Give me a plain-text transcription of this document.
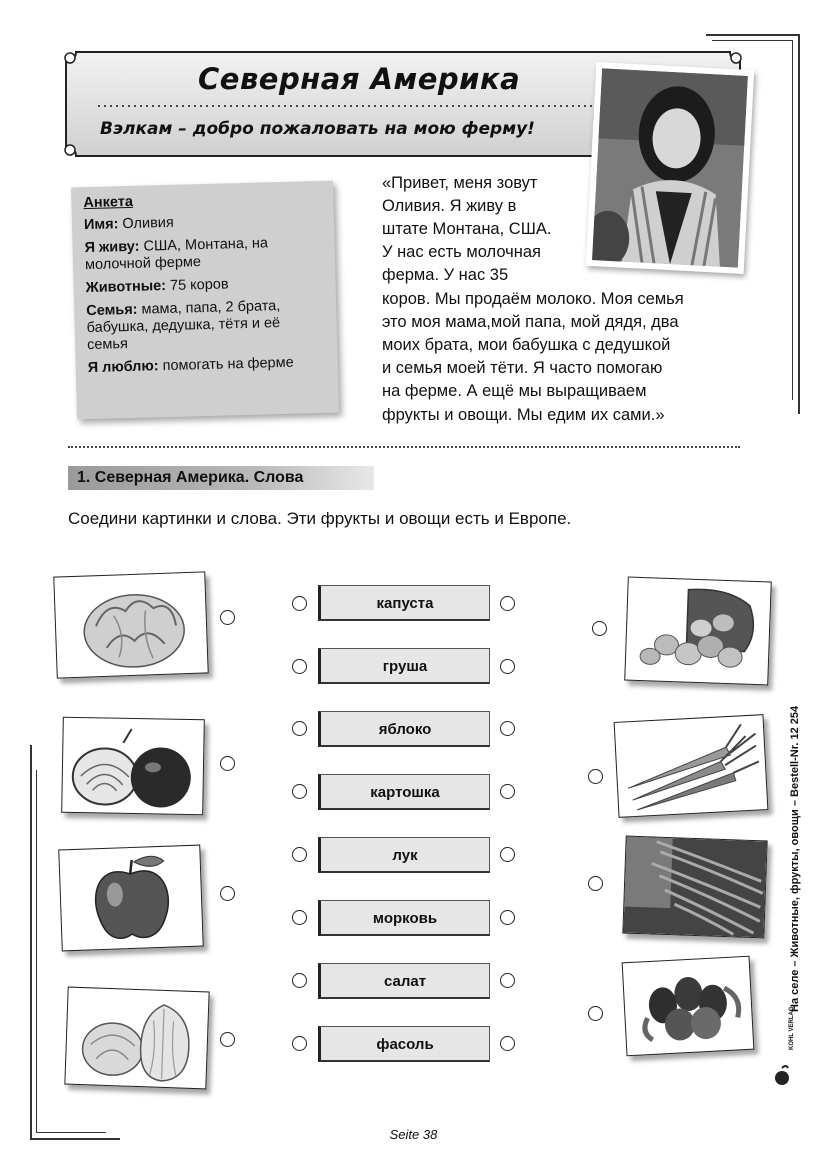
Северная Америка
Вэлкам – добро пожаловать на мою ферму!
Анкета
Имя: Оливия
Я живу: США, Монтана, на молочной ферме
Животные: 75 коров
Семья: мама, папа, 2 брата, бабушка, дедушка, тётя и её семья
Я люблю: помогать на ферме
«Привет, меня зовут
Оливия. Я живу в
штате Монтана, США.
У нас есть молочная
ферма. У нас 35
коров. Мы продаём молоко. Моя семья
это моя мама,мой папа, мой дядя, два
моих брата, мои бабушка с дедушкой
и семья моей тёти. Я часто помогаю
на ферме. А ещё мы выращиваем
фрукты и овощи. Мы едим их сами.»
1. Северная Америка. Слова
Соедини картинки и слова. Эти фрукты и овощи есть и Европе.
капуста
груша
яблоко
картошка
лук
морковь
салат
фасоль
На селе – Животные, фрукты, овощи – Bestell-Nr. 12 254
KOHL VERLAG
Seite 38
